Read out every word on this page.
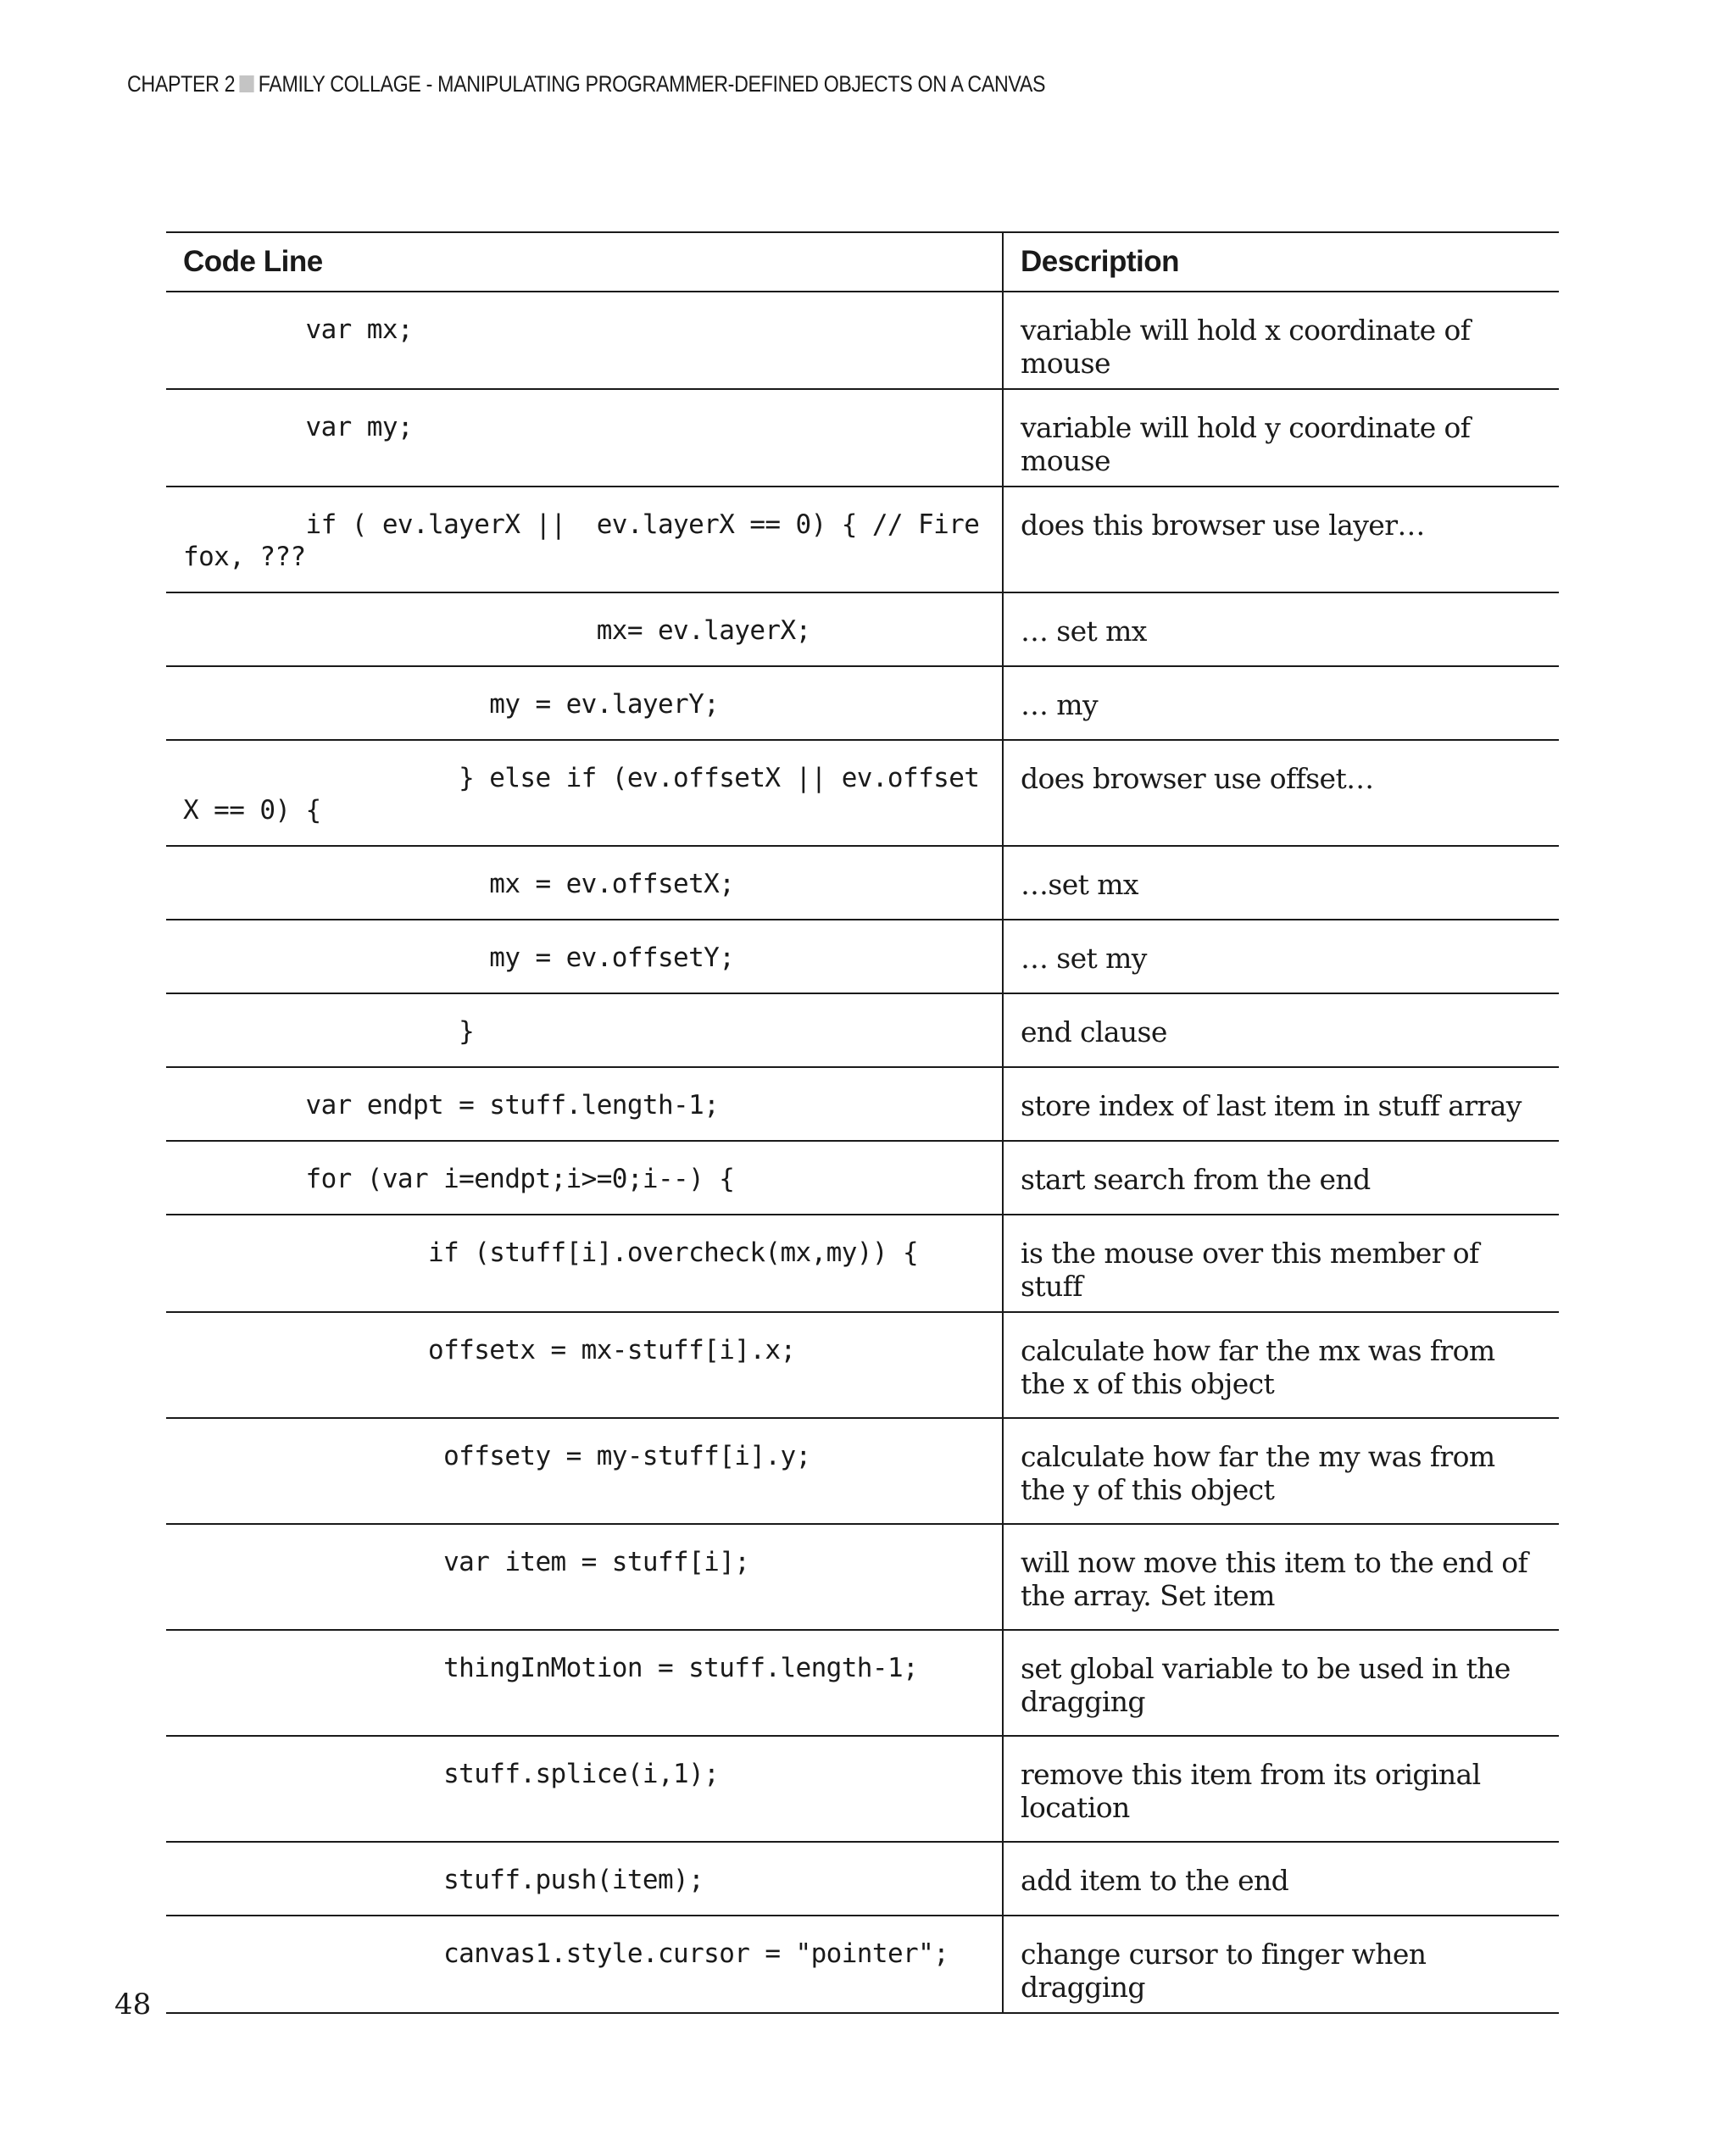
CHAPTER 2 FAMILY COLLAGE - MANIPULATING PROGRAMMER-DEFINED OBJECTS ON A CANVAS
Code Line	Description
var mx;	variable will hold x coordinate of mouse
var my;	variable will hold y coordinate of mouse
if ( ev.layerX ||  ev.layerX == 0) { // Firefox, ???	does this browser use layer…
mx= ev.layerX;	… set mx
my = ev.layerY;	… my
} else if (ev.offsetX || ev.offsetX == 0) {	does browser use offset…
mx = ev.offsetX;	…set mx
my = ev.offsetY;	… set my
}	end clause
var endpt = stuff.length-1;	store index of last item in stuff array
for (var i=endpt;i>=0;i--) {	start search from the end
if (stuff[i].overcheck(mx,my)) {	is the mouse over this member of stuff
offsetx = mx-stuff[i].x;	calculate how far the mx was from the x of this object
offsety = my-stuff[i].y;	calculate how far the my was from the y of this object
var item = stuff[i];	will now move this item to the end of the array. Set item
thingInMotion = stuff.length-1;	set global variable to be used in the dragging
stuff.splice(i,1);	remove this item from its original location
stuff.push(item);	add item to the end
canvas1.style.cursor = "pointer";	change cursor to finger when dragging
48
